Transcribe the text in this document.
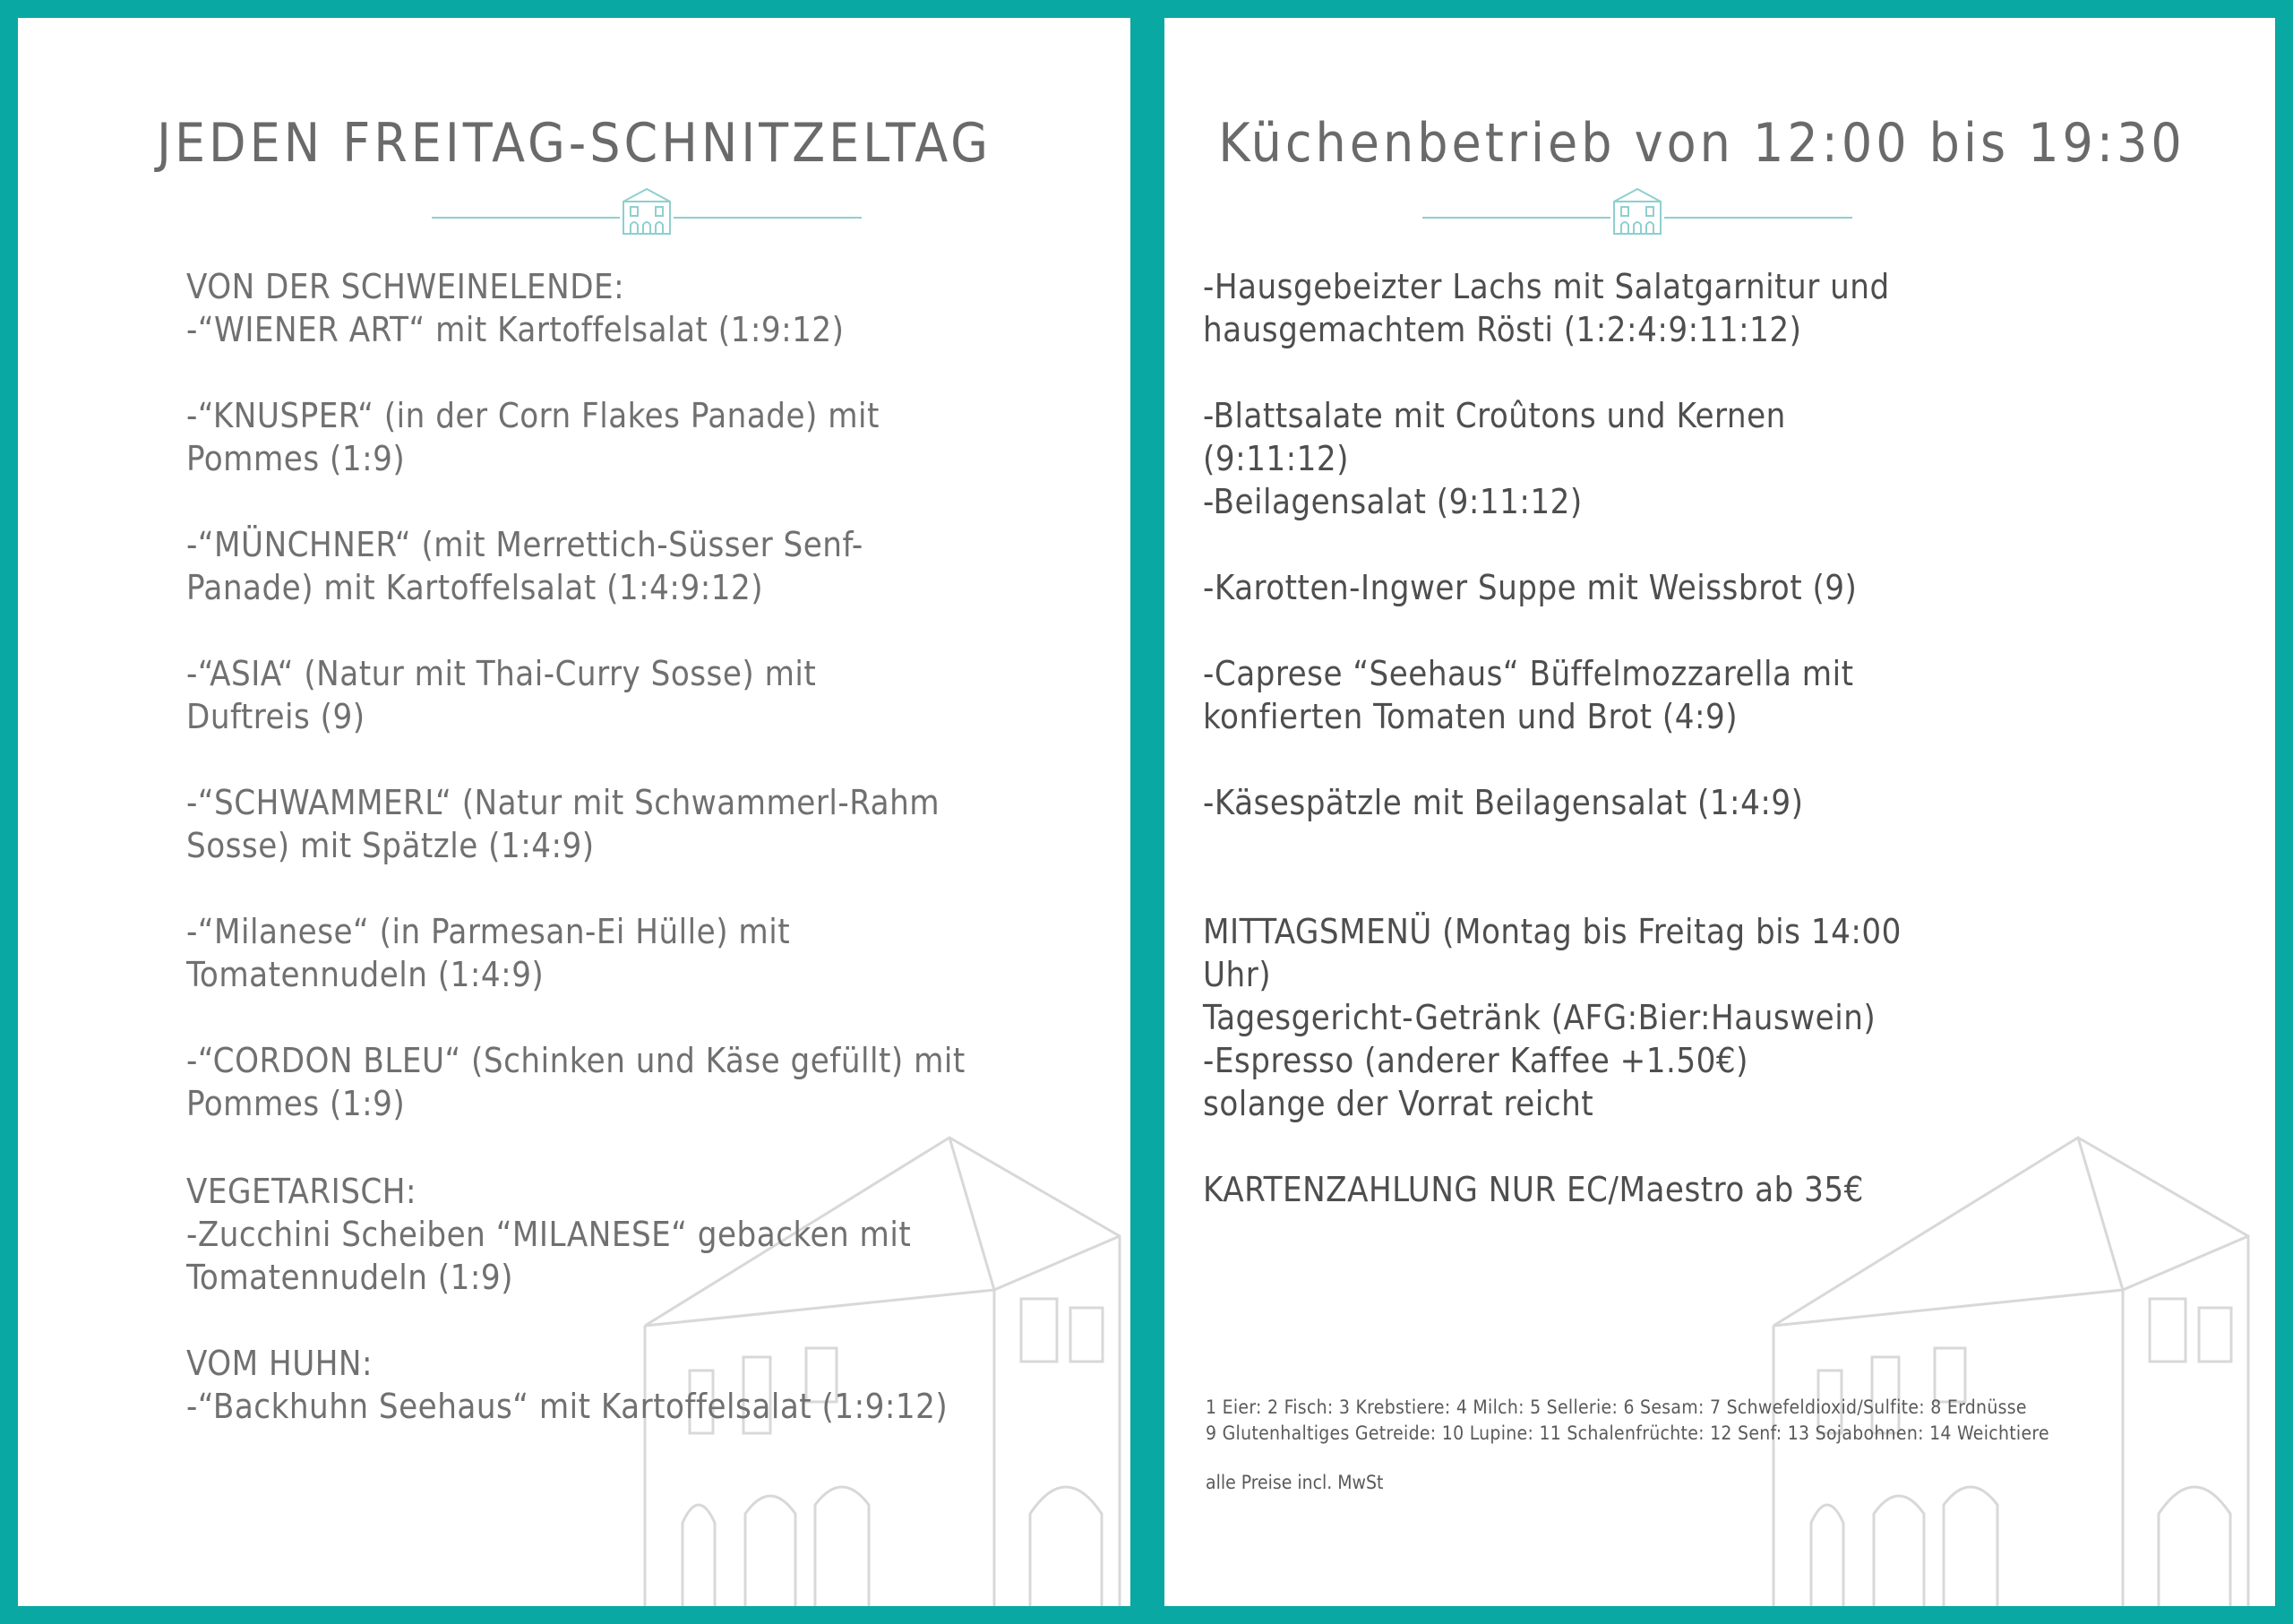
JEDEN FREITAG-SCHNITZELTAG
VON DER SCHWEINELENDE:
-“WIENER ART“ mit Kartoffelsalat (1:9:12)
-“KNUSPER“ (in der Corn Flakes Panade) mit
Pommes (1:9)
-“MÜNCHNER“ (mit Merrettich-Süsser Senf-
Panade) mit Kartoffelsalat (1:4:9:12)
-“ASIA“ (Natur mit Thai-Curry Sosse) mit
Duftreis (9)
-“SCHWAMMERL“ (Natur mit Schwammerl-Rahm
Sosse) mit Spätzle (1:4:9)
-“Milanese“ (in Parmesan-Ei Hülle) mit
Tomatennudeln (1:4:9)
-“CORDON BLEU“ (Schinken und Käse gefüllt) mit
Pommes (1:9)
VEGETARISCH:
-Zucchini Scheiben “MILANESE“ gebacken mit
Tomatennudeln (1:9)
VOM HUHN:
-“Backhuhn Seehaus“ mit Kartoffelsalat (1:9:12)
Küchenbetrieb von 12:00 bis 19:30
-Hausgebeizter Lachs mit Salatgarnitur und
hausgemachtem Rösti (1:2:4:9:11:12)
-Blattsalate mit Croûtons und Kernen (9:11:12)
-Beilagensalat (9:11:12)
-Karotten-Ingwer Suppe mit Weissbrot (9)
-Caprese “Seehaus“ Büffelmozzarella mit
konfierten Tomaten und Brot (4:9)
-Käsespätzle mit Beilagensalat (1:4:9)
MITTAGSMENÜ (Montag bis Freitag bis 14:00 Uhr)
Tagesgericht-Getränk (AFG:Bier:Hauswein)
-Espresso (anderer Kaffee +1.50€)
solange der Vorrat reicht
KARTENZAHLUNG NUR EC/Maestro ab 35€
1 Eier: 2 Fisch: 3 Krebstiere: 4 Milch: 5 Sellerie: 6 Sesam: 7 Schwefeldioxid/Sulfite: 8 Erdnüsse
9 Glutenhaltiges Getreide: 10 Lupine: 11 Schalenfrüchte: 12 Senf: 13 Sojabohnen: 14 Weichtiere
alle Preise incl. MwSt
